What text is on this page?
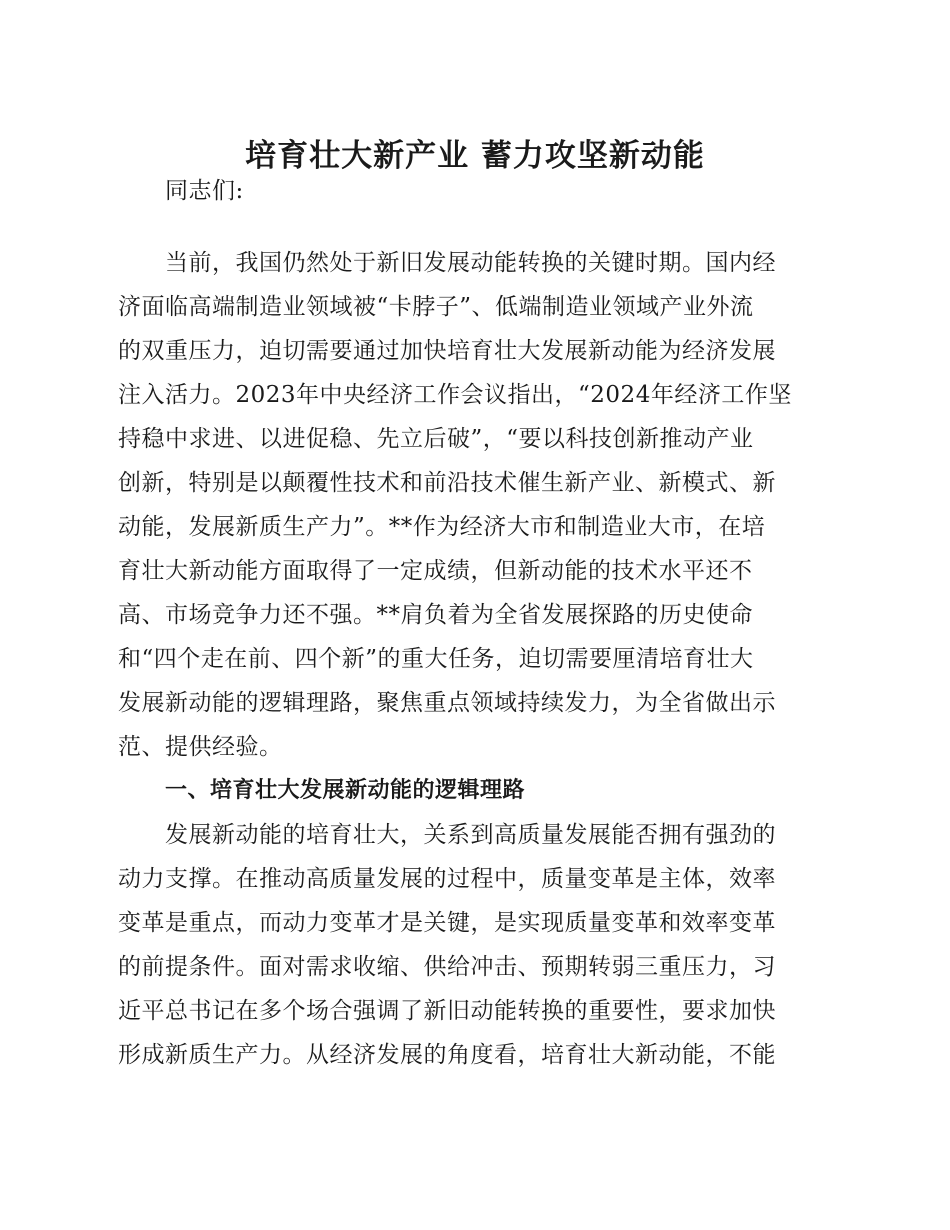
培育壮大新产业 蓄力攻坚新动能
同志们:
当前，我国仍然处于新旧发展动能转换的关键时期。国内经
济面临高端制造业领域被“卡脖子”、低端制造业领域产业外流
的双重压力，迫切需要通过加快培育壮大发展新动能为经济发展
注入活力。2023年中央经济工作会议指出，“2024年经济工作坚
持稳中求进、以进促稳、先立后破”，“要以科技创新推动产业
创新，特别是以颠覆性技术和前沿技术催生新产业、新模式、新
动能，发展新质生产力”。**作为经济大市和制造业大市，在培
育壮大新动能方面取得了一定成绩，但新动能的技术水平还不
高、市场竞争力还不强。**肩负着为全省发展探路的历史使命
和“四个走在前、四个新”的重大任务，迫切需要厘清培育壮大
发展新动能的逻辑理路，聚焦重点领域持续发力，为全省做出示
范、提供经验。
一、培育壮大发展新动能的逻辑理路
发展新动能的培育壮大，关系到高质量发展能否拥有强劲的
动力支撑。在推动高质量发展的过程中，质量变革是主体，效率
变革是重点，而动力变革才是关键，是实现质量变革和效率变革
的前提条件。面对需求收缩、供给冲击、预期转弱三重压力，习
近平总书记在多个场合强调了新旧动能转换的重要性，要求加快
形成新质生产力。从经济发展的角度看，培育壮大新动能，不能
